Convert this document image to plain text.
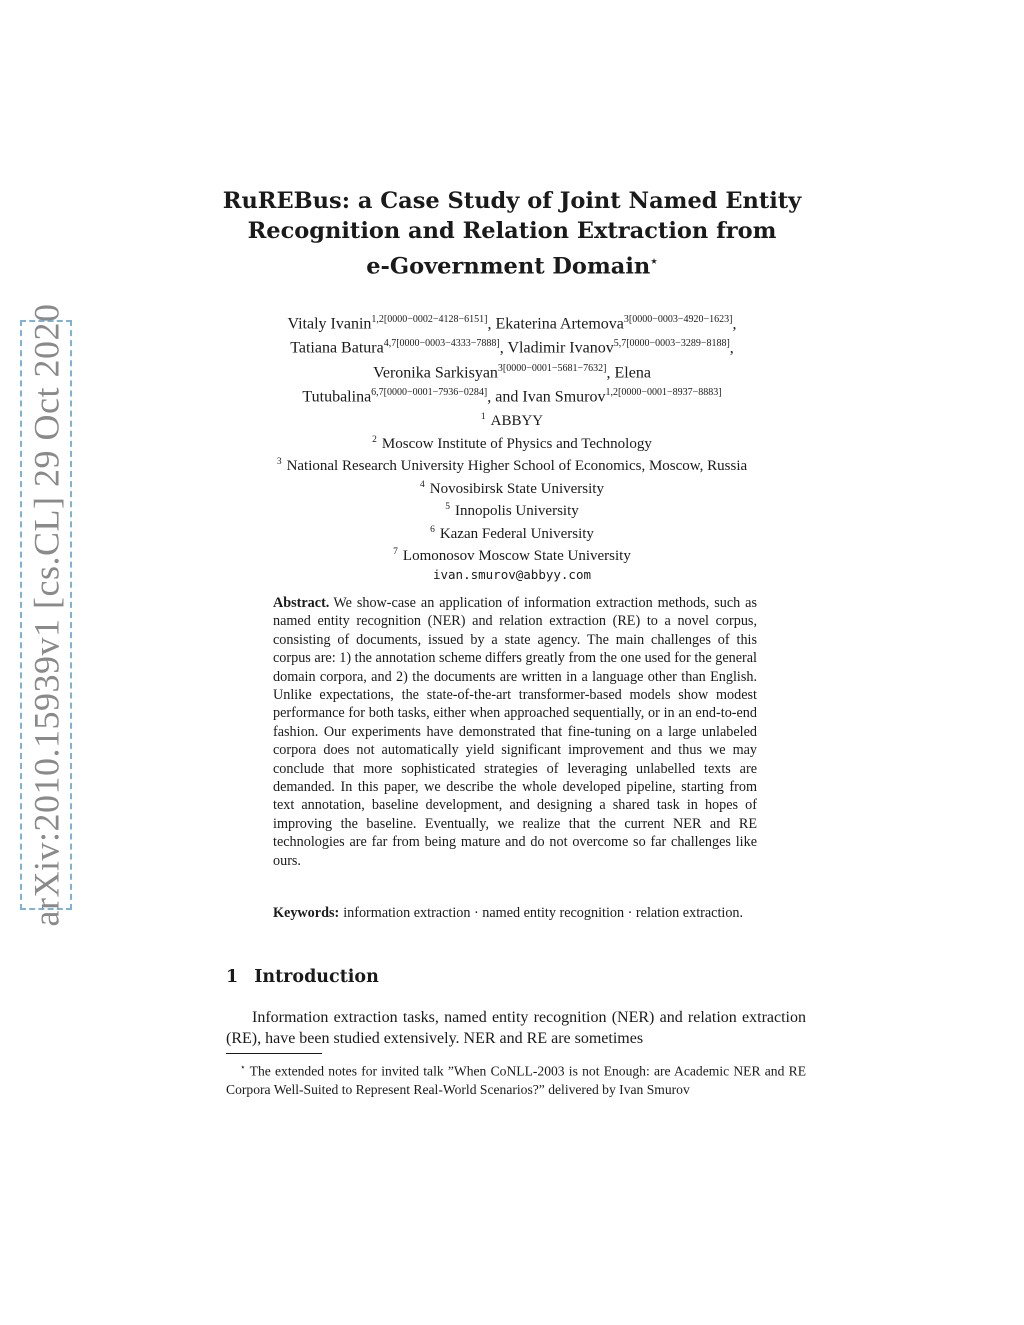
arXiv:2010.15939v1 [cs.CL] 29 Oct 2020
RuREBus: a Case Study of Joint Named Entity
Recognition and Relation Extraction from
e-Government Domain⋆
Vitaly Ivanin$^{1,2[0000-0002-4128-6151]}$, Ekaterina Artemova$^{3[0000-0003-4920-1623]}$,
Tatiana Batura$^{4,7[0000-0003-4333-7888]}$, Vladimir Ivanov$^{5,7[0000-0003-3289-8188]}$,
Veronika Sarkisyan$^{3[0000-0001-5681-7632]}$, Elena
Tutubalina$^{6,7[0000-0001-7936-0284]}$, and Ivan Smurov$^{1,2[0000-0001-8937-8883]}$
$^1$ ABBYY
$^2$ Moscow Institute of Physics and Technology
$^3$ National Research University Higher School of Economics, Moscow, Russia
$^4$ Novosibirsk State University
$^5$ Innopolis University
$^6$ Kazan Federal University
$^7$ Lomonosov Moscow State University
ivan.smurov@abbyy.com

Abstract. We show-case an application of information extraction methods, such as named entity recognition (NER) and relation extraction (RE) to a novel corpus, consisting of documents, issued by a state agency. The main challenges of this corpus are: 1) the annotation scheme differs greatly from the one used for the general domain corpora, and 2) the documents are written in a language other than English. Unlike expectations, the state-of-the-art transformer-based models show modest performance for both tasks, either when approached sequentially, or in an end-to-end fashion. Our experiments have demonstrated that fine-tuning on a large unlabeled corpora does not automatically yield significant improvement and thus we may conclude that more sophisticated strategies of leveraging unlabelled texts are demanded. In this paper, we describe the whole developed pipeline, starting from text annotation, baseline development, and designing a shared task in hopes of improving the baseline. Eventually, we realize that the current NER and RE technologies are far from being mature and do not overcome so far challenges like ours.

Keywords: information extraction · named entity recognition · relation extraction.

1 Introduction

Information extraction tasks, named entity recognition (NER) and relation extraction (RE), have been studied extensively. NER and RE are sometimes

⋆ The extended notes for invited talk ”When CoNLL-2003 is not Enough: are Academic NER and RE Corpora Well-Suited to Represent Real-World Scenarios?” delivered by Ivan Smurov
